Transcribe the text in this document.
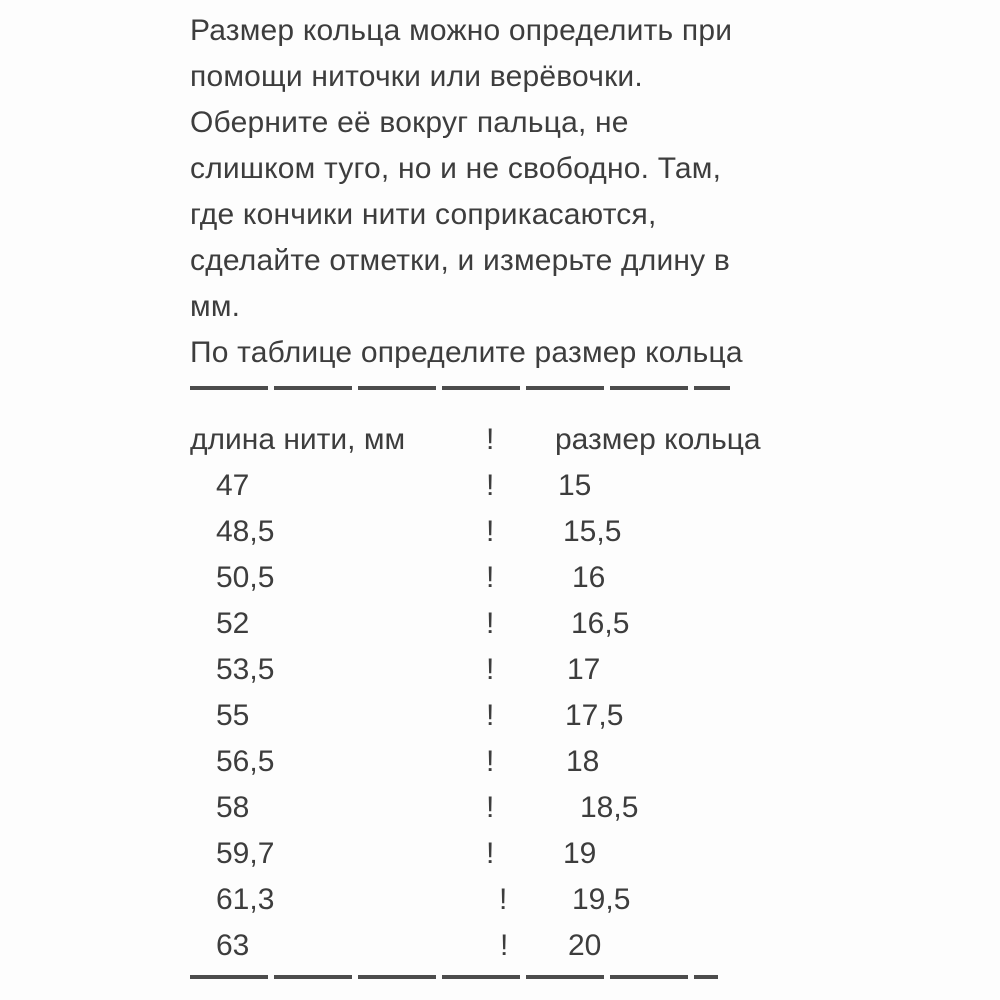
Размер кольца можно определить при

помощи ниточки или верёвочки.

Оберните её вокруг пальца, не

слишком туго, но и не свободно. Там,

где кончики нити соприкасаются,

сделайте отметки, и измерьте длину в

мм.

По таблице определите размер кольца

длина нити, мм	! размер кольца
47	! 15
48,5	! 15,5
50,5	!	16
52	!	16,5
53,5	! 17
55	! 17,5
56,5	! 18
58	!	18,5
59,7	! 19
61,3	! 19,5
63	! 20
